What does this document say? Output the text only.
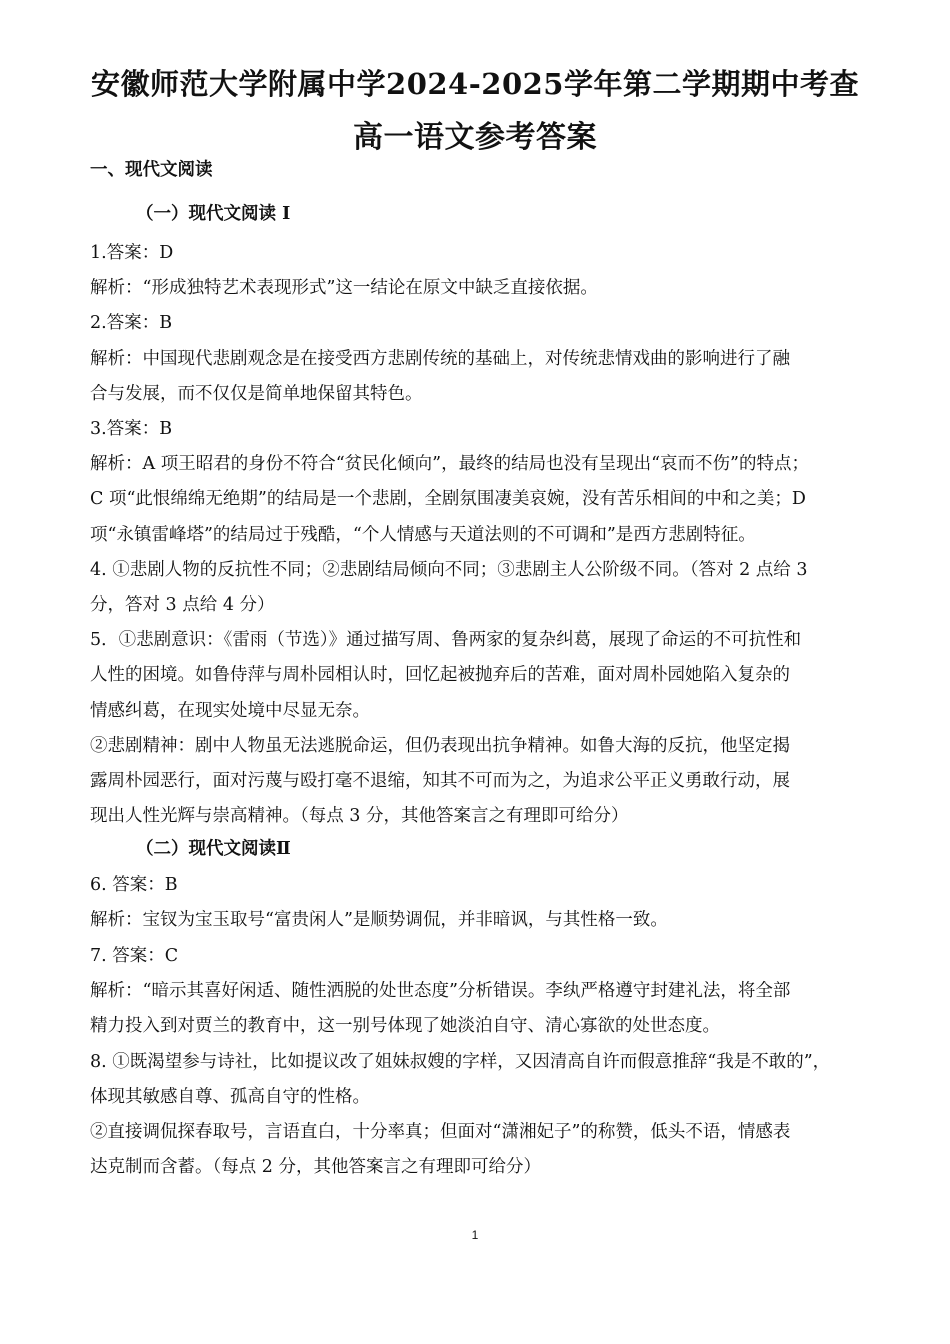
安徽师范大学附属中学2024-2025学年第二学期期中考查
高一语文参考答案
一、现代文阅读
（一）现代文阅读 I
1.答案：D
解析：“形成独特艺术表现形式”这一结论在原文中缺乏直接依据。
2.答案：B
解析：中国现代悲剧观念是在接受西方悲剧传统的基础上，对传统悲情戏曲的影响进行了融
合与发展，而不仅仅是简单地保留其特色。
3.答案：B
解析：A 项王昭君的身份不符合“贫民化倾向”，最终的结局也没有呈现出“哀而不伤”的特点；
C 项“此恨绵绵无绝期”的结局是一个悲剧，全剧氛围凄美哀婉，没有苦乐相间的中和之美；D
项“永镇雷峰塔”的结局过于残酷，“个人情感与天道法则的不可调和”是西方悲剧特征。
4. ①悲剧人物的反抗性不同；②悲剧结局倾向不同；③悲剧主人公阶级不同。（答对 2 点给 3
分，答对 3 点给 4 分）
5．①悲剧意识：《雷雨（节选）》通过描写周、鲁两家的复杂纠葛，展现了命运的不可抗性和
人性的困境。如鲁侍萍与周朴园相认时，回忆起被抛弃后的苦难，面对周朴园她陷入复杂的
情感纠葛，在现实处境中尽显无奈。
②悲剧精神：剧中人物虽无法逃脱命运，但仍表现出抗争精神。如鲁大海的反抗，他坚定揭
露周朴园恶行，面对污蔑与殴打毫不退缩，知其不可而为之，为追求公平正义勇敢行动，展
现出人性光辉与崇高精神。（每点 3 分，其他答案言之有理即可给分）
（二）现代文阅读Ⅱ
6. 答案：B
解析：宝钗为宝玉取号“富贵闲人”是顺势调侃，并非暗讽，与其性格一致。
7. 答案：C
解析：“暗示其喜好闲适、随性洒脱的处世态度”分析错误。李纨严格遵守封建礼法，将全部
精力投入到对贾兰的教育中，这一别号体现了她淡泊自守、清心寡欲的处世态度。
8. ①既渴望参与诗社，比如提议改了姐妹叔嫂的字样，又因清高自许而假意推辞“我是不敢的”，
体现其敏感自尊、孤高自守的性格。
②直接调侃探春取号，言语直白，十分率真；但面对“潇湘妃子”的称赞，低头不语，情感表
达克制而含蓄。（每点 2 分，其他答案言之有理即可给分）
1
